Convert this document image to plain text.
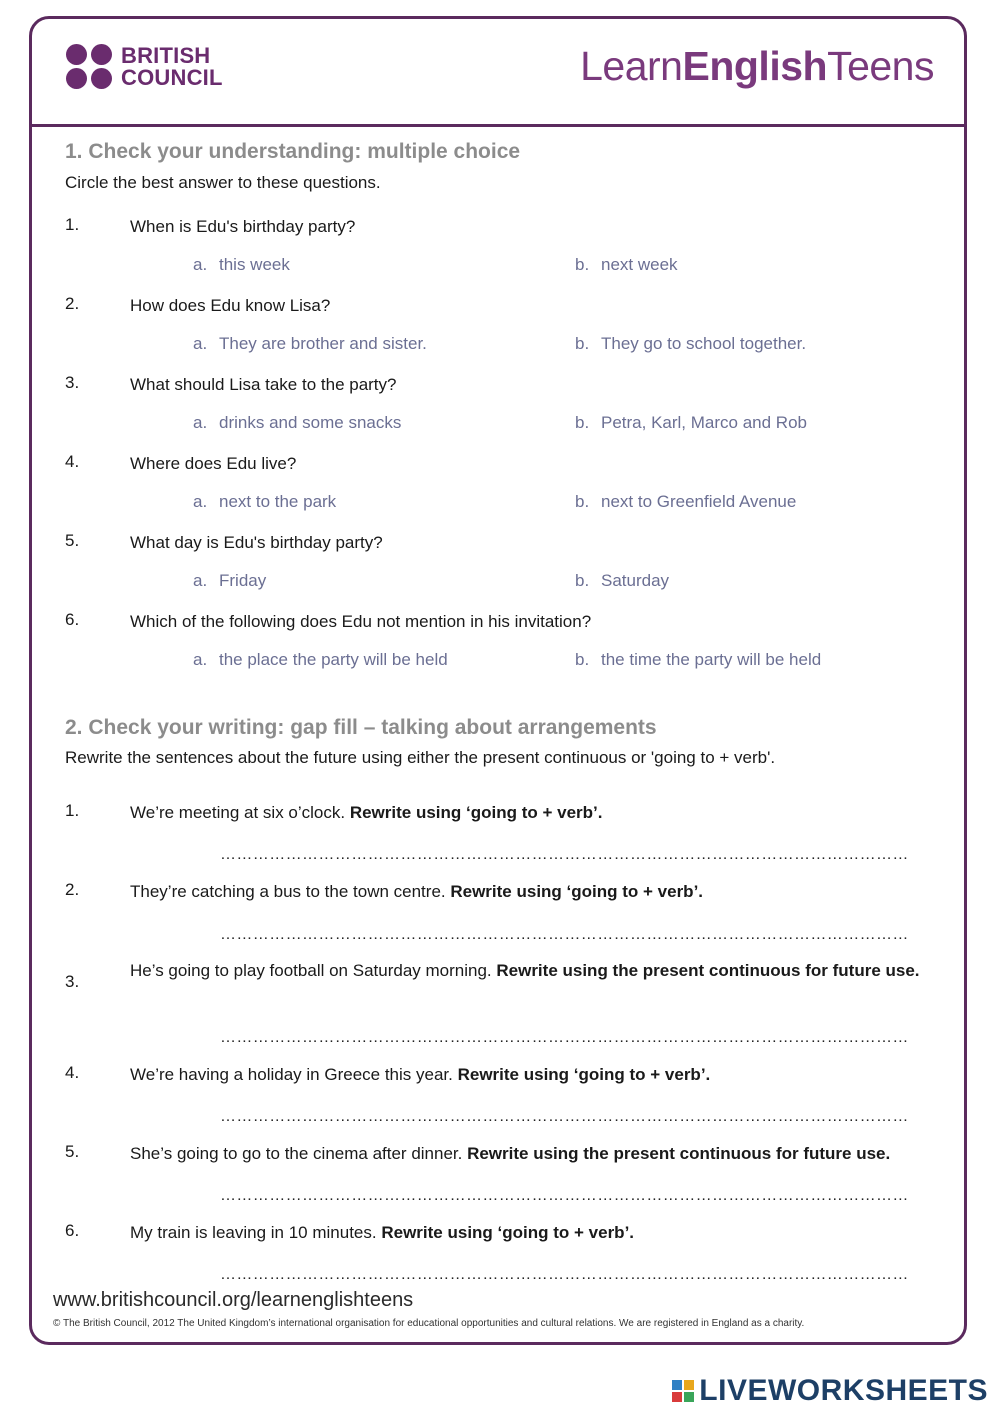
BRITISH
COUNCIL	LearnEnglishTeens
1. Check your understanding: multiple choice
Circle the best answer to these questions.
1.	When is Edu's birthday party?
a. this week	b. next week
2.	How does Edu know Lisa?
a. They are brother and sister.	b. They go to school together.
3.	What should Lisa take to the party?
a. drinks and some snacks	b. Petra, Karl, Marco and Rob
4.	Where does Edu live?
a. next to the park	b. next to Greenfield Avenue
5.	What day is Edu's birthday party?
a. Friday	b. Saturday
6.	Which of the following does Edu not mention in his invitation?
a. the place the party will be held	b. the time the party will be held
2. Check your writing: gap fill – talking about arrangements
Rewrite the sentences about the future using either the present continuous or 'going to + verb'.
1.	We’re meeting at six o’clock. Rewrite using ‘going to + verb’.
………………………………………………………………………………………………………………
2.	They’re catching a bus to the town centre. Rewrite using ‘going to + verb’.
………………………………………………………………………………………………………………
3.
He’s going to play football on Saturday morning. Rewrite using the present continuous for future use.
………………………………………………………………………………………………………………
4.	We’re having a holiday in Greece this year. Rewrite using ‘going to + verb’.
………………………………………………………………………………………………………………
5.	She’s going to go to the cinema after dinner. Rewrite using the present continuous for future use.
………………………………………………………………………………………………………………
6.	My train is leaving in 10 minutes. Rewrite using ‘going to + verb’.
………………………………………………………………………………………………………………
www.britishcouncil.org/learnenglishteens
© The British Council, 2012 The United Kingdom’s international organisation for educational opportunities and cultural relations. We are registered in England as a charity.
LIVEWORKSHEETS
